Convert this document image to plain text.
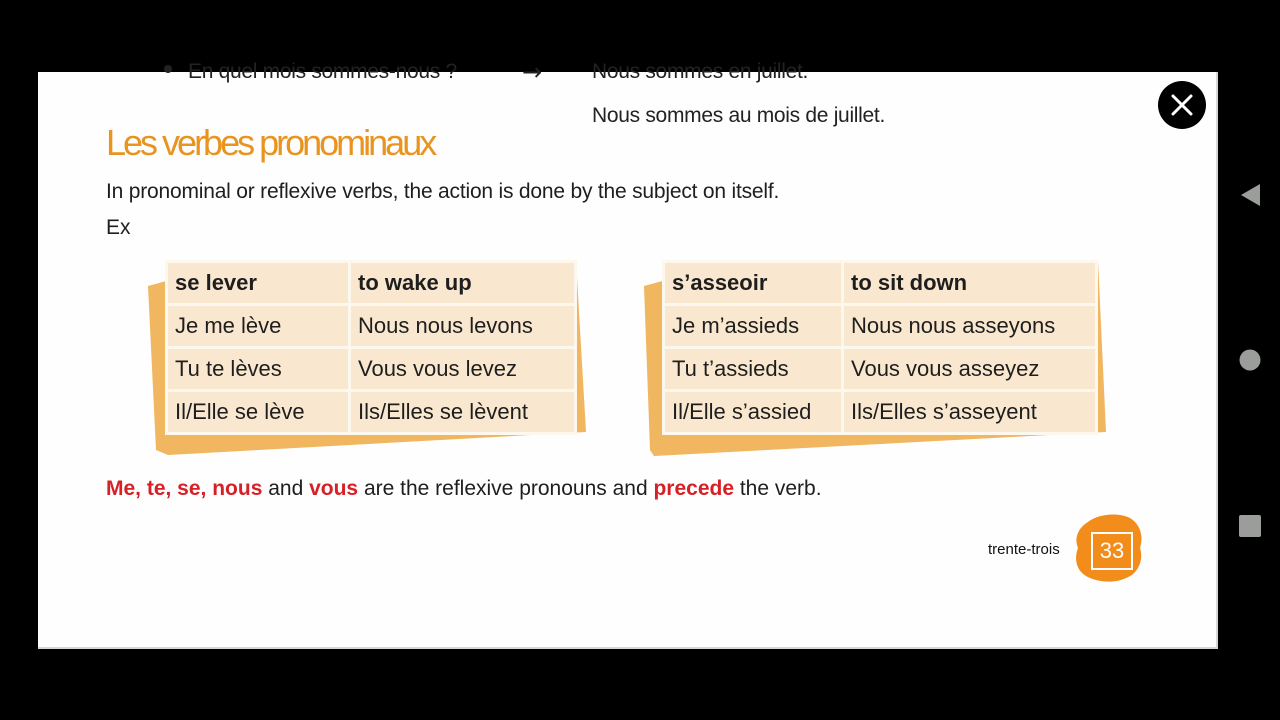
En quel mois sommes-nous ?	→ Nous sommes en juillet.
Nous sommes au mois de juillet.
Les verbes pronominaux
In pronominal or reflexive verbs, the action is done by the subject on itself.
Ex
se lever	to wake up
Je me lève	Nous nous levons
Tu te lèves	Vous vous levez
Il/Elle se lève	Ils/Elles se lèvent
s’asseoir	to sit down
Je m’assieds	Nous nous asseyons
Tu t’assieds	Vous vous asseyez
Il/Elle s’assied	Ils/Elles s’asseyent
Me, te, se, nous and vous are the reflexive pronouns and precede the verb.
trente-trois	33
